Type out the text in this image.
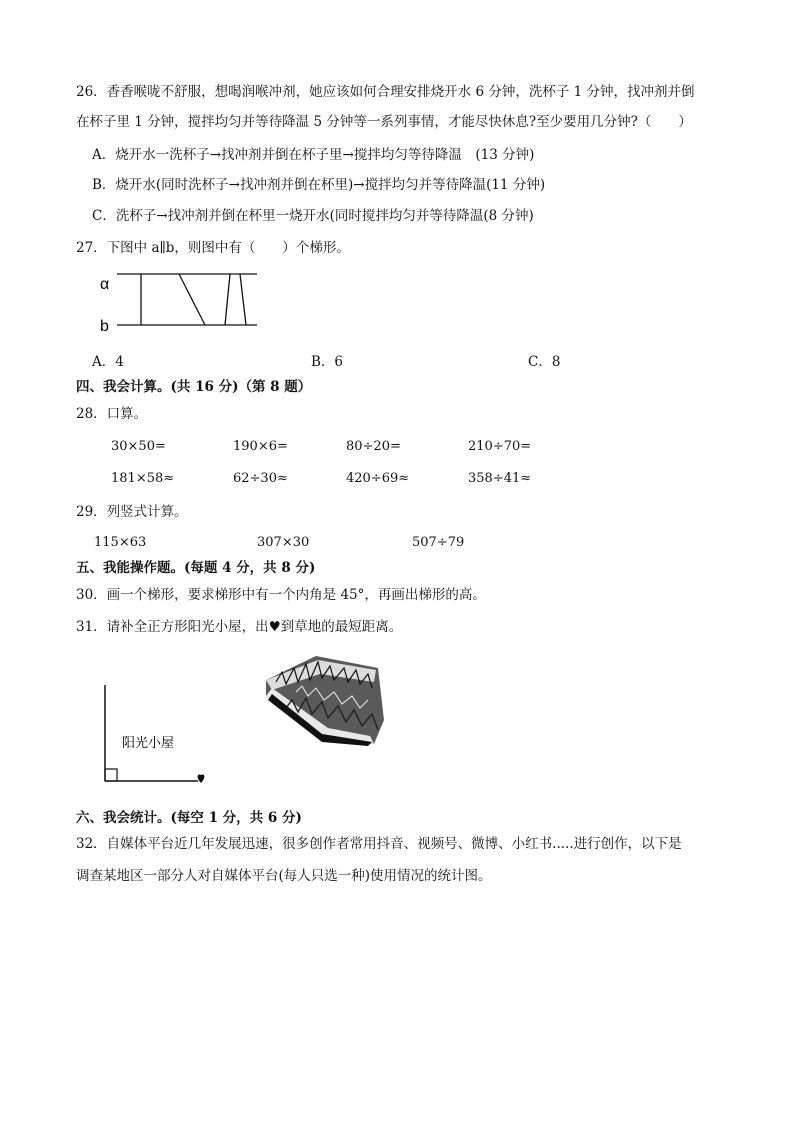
26．香香喉咙不舒服，想喝润喉冲剂，她应该如何合理安排烧开水 6 分钟，洗杯子 1 分钟，找冲剂并倒
在杯子里 1 分钟，搅拌均匀并等待降温 5 分钟等一系列事情，才能尽快休息?至少要用几分钟?（　　）
A．烧开水一洗杯子→找冲剂并倒在杯子里→搅拌均匀等待降温　(13 分钟)
B．烧开水(同时洗杯子→找冲剂并倒在杯里)→搅拌均匀并等待降温(11 分钟)
C．洗杯子→找冲剂并倒在杯里一烧开水(同时搅拌均匀并等待降温(8 分钟)
27．下图中 a∥b，则图中有（　　）个梯形。
α
b
A．4	B．6	C．8
四、我会计算。(共 16 分)（第 8 题）
28．口算。
30×50=	190×6=	80÷20=	210÷70=
181×58≈	62÷30≈	420÷69≈	358÷41≈
29．列竖式计算。
115×63	307×30	507÷79
五、我能操作题。(每题 4 分，共 8 分)
30．画一个梯形，要求梯形中有一个内角是 45°，再画出梯形的高。
31．请补全正方形阳光小屋，出♥到草地的最短距离。
阳光小屋
六、我会统计。(每空 1 分，共 6 分)
32．自媒体平台近几年发展迅速，很多创作者常用抖音、视频号、微博、小红书.....进行创作，以下是
调查某地区一部分人对自媒体平台(每人只选一种)使用情况的统计图。
